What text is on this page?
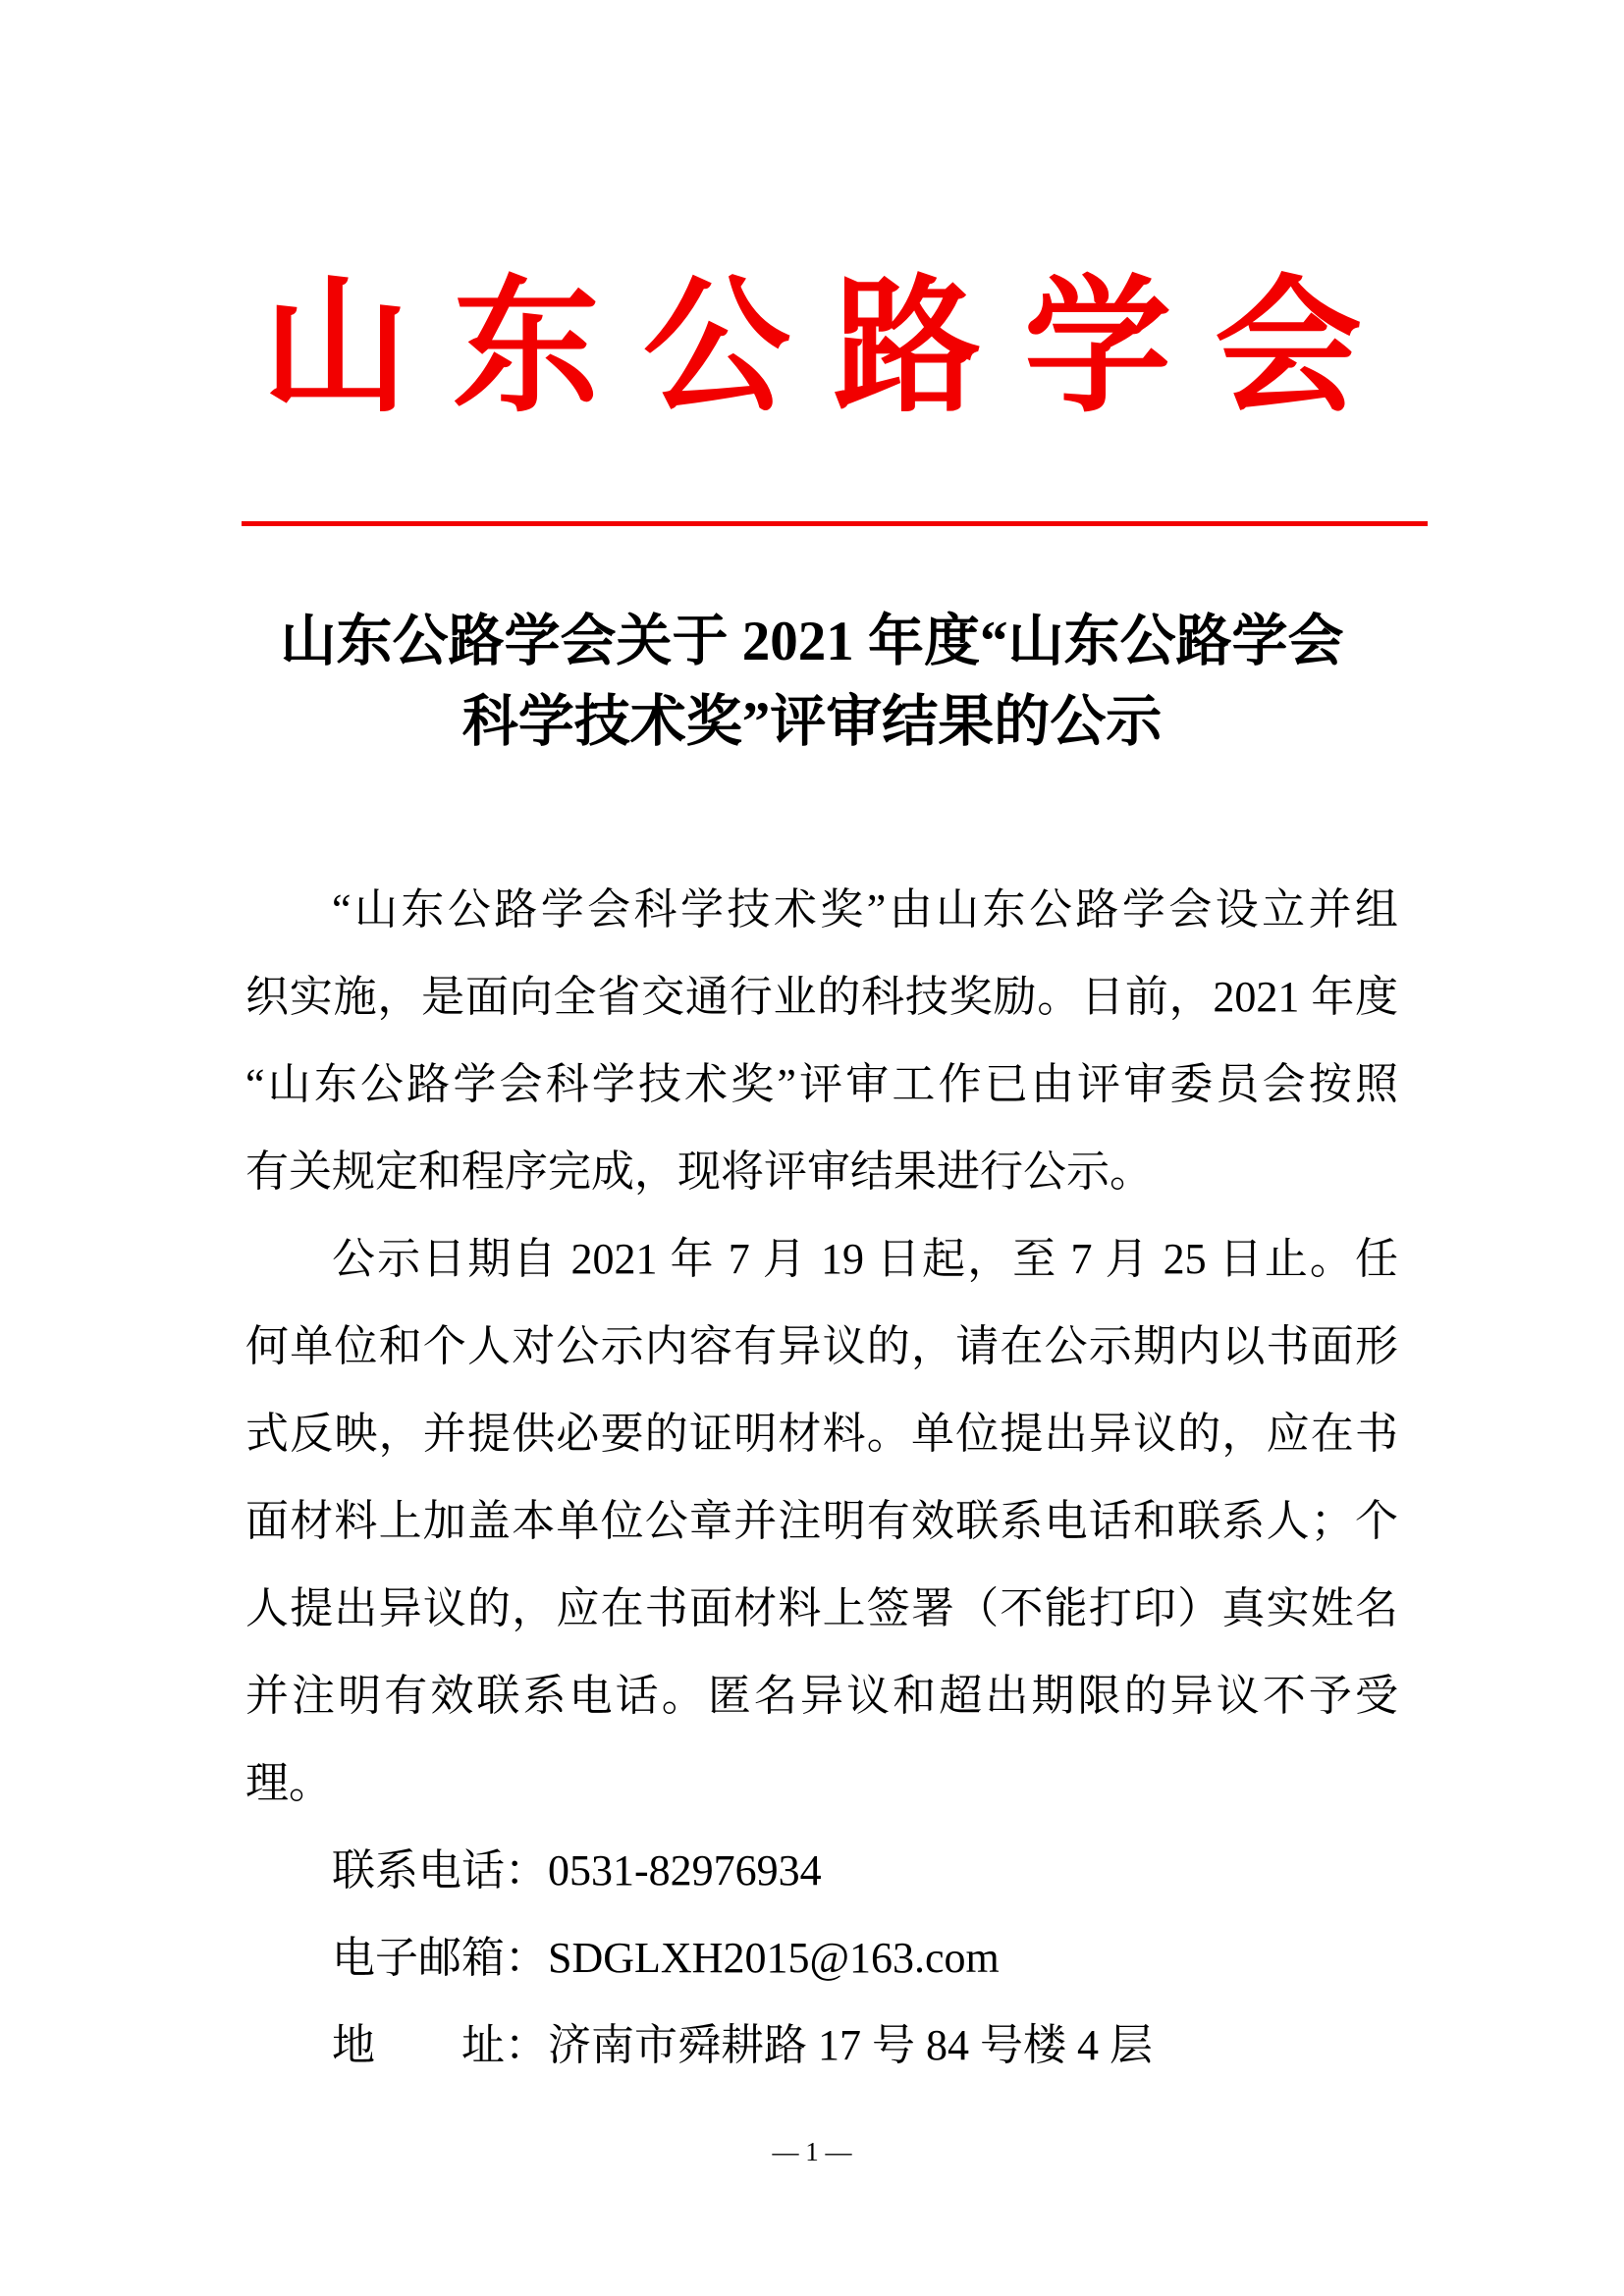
山东公路学会
山东公路学会关于 2021 年度“山东公路学会
科学技术奖”评审结果的公示
“山东公路学会科学技术奖”由山东公路学会设立并组
织实施，是面向全省交通行业的科技奖励。日前，2021 年度
“山东公路学会科学技术奖”评审工作已由评审委员会按照
有关规定和程序完成，现将评审结果进行公示。
公示日期自 2021 年 7 月 19 日起，至 7 月 25 日止。任
何单位和个人对公示内容有异议的，请在公示期内以书面形
式反映，并提供必要的证明材料。单位提出异议的，应在书
面材料上加盖本单位公章并注明有效联系电话和联系人；个
人提出异议的，应在书面材料上签署（不能打印）真实姓名
并注明有效联系电话。匿名异议和超出期限的异议不予受
理。
联系电话：0531-82976934
电子邮箱：SDGLXH2015@163.com
地　　址：济南市舜耕路 17 号 84 号楼 4 层
— 1 —
